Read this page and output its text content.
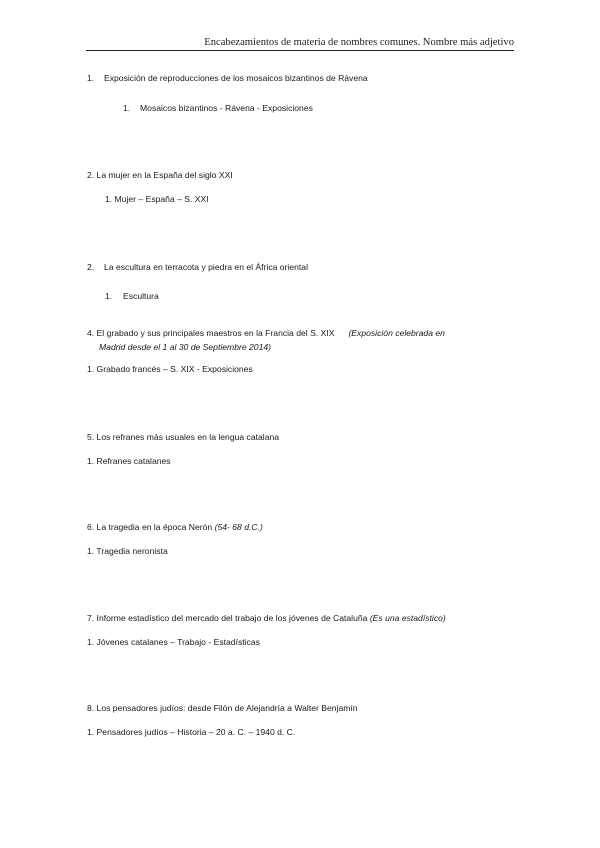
Encabezamientos de materia de nombres comunes. Nombre más adjetivo
1. Exposición de reproducciones de los mosaicos bizantinos de Rávena
1. Mosaicos bizantinos - Rávena - Exposiciones
2. La mujer en la España del siglo XXI
1. Mujer – España – S. XXI
2. La escultura en terracota y piedra en el África oriental
1. Escultura
4. El grabado y sus principales maestros en la Francia del S. XIX (Exposición celebrada en
Madrid desde el 1 al 30 de Septiembre 2014)
1. Grabado francés – S. XIX - Exposiciones
5. Los refranes más usuales en la lengua catalana
1. Refranes catalanes
6. La tragedia en la época Nerón (54- 68 d.C.)
1. Tragedia neronista
7. Informe estadístico del mercado del trabajo de los jóvenes de Cataluña (Es una estadístico)
1. Jóvenes catalanes – Trabajo - Estadísticas
8. Los pensadores judíos: desde Filón de Alejandría a Walter Benjamín
1. Pensadores judíos – Historia – 20 a. C. – 1940 d. C.
